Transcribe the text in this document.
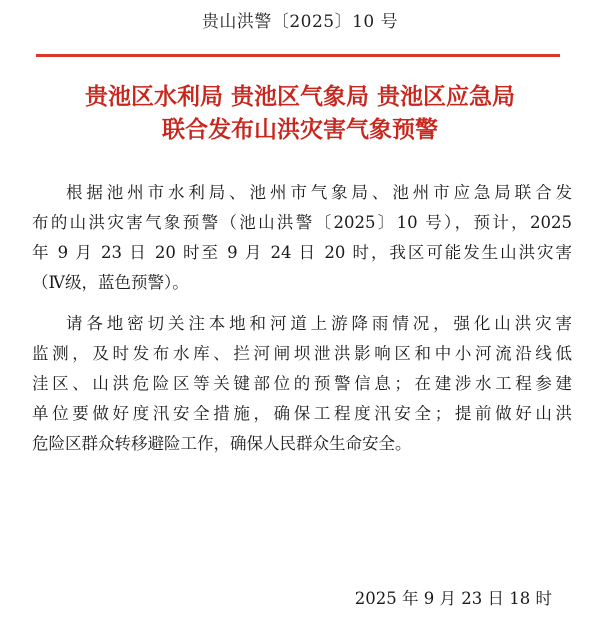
贵山洪警〔2025〕10 号
贵池区水利局 贵池区气象局 贵池区应急局
联合发布山洪灾害气象预警
根据池州市水利局、池州市气象局、池州市应急局联合发
布的山洪灾害气象预警（池山洪警〔2025〕10 号），预计，2025
年 9 月 23 日 20 时至 9 月 24 日 20 时，我区可能发生山洪灾害
（Ⅳ级，蓝色预警）。
请各地密切关注本地和河道上游降雨情况，强化山洪灾害
监测，及时发布水库、拦河闸坝泄洪影响区和中小河流沿线低
洼区、山洪危险区等关键部位的预警信息；在建涉水工程参建
单位要做好度汛安全措施，确保工程度汛安全；提前做好山洪
危险区群众转移避险工作，确保人民群众生命安全。
2025 年 9 月 23 日 18 时
